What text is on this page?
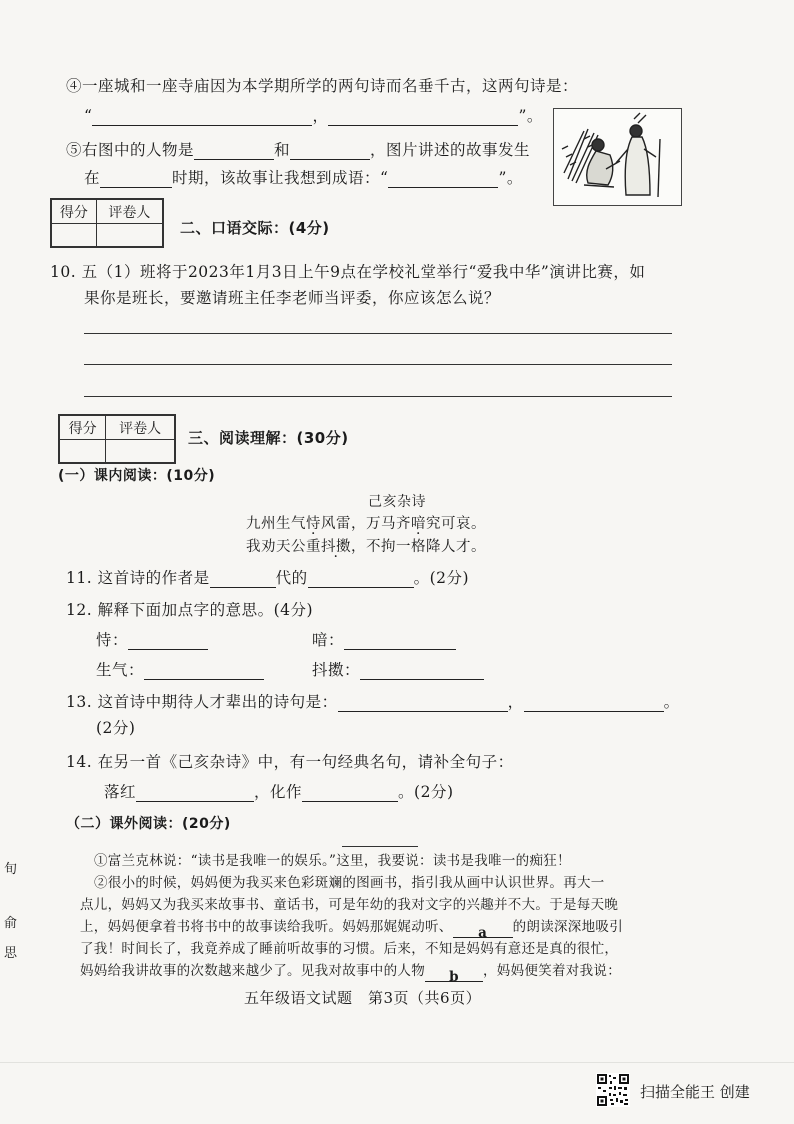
④一座城和一座寺庙因为本学期所学的两句诗而名垂千古，这两句诗是：
“	，	”。
⑤右图中的人物是	和	，图片讲述的故事发生
在	时期，该故事让我想到成语：“	”。
得分	评卷人

二、口语交际：(4分)
10. 五（1）班将于2023年1月3日上午9点在学校礼堂举行“爱我中华”演讲比赛，如
果你是班长，要邀请班主任李老师当评委，你应该怎么说？
得分	评卷人

三、阅读理解：(30分)
(一）课内阅读：(10分)
己亥杂诗
九州生气恃风雷，万马齐喑究可哀。
我劝天公重抖擞，不拘一格降人才。
11. 这首诗的作者是	代的	。(2分)
12. 解释下面加点字的意思。(4分)
恃：	喑：
生气：	抖擞：
13. 这首诗中期待人才辈出的诗句是：	，	。
(2分)
14. 在另一首《己亥杂诗》中，有一句经典名句，请补全句子：
落红	，化作	。(2分)
（二）课外阅读：(20分)
①富兰克林说：“读书是我唯一的娱乐。”这里，我要说：读书是我唯一的痴狂！
②很小的时候，妈妈便为我买来色彩斑斓的图画书，指引我从画中认识世界。再大一
点儿，妈妈又为我买来故事书、童话书，可是年幼的我对文字的兴趣并不大。于是每天晚
上，妈妈便拿着书将书中的故事读给我听。妈妈那娓娓动听、 a 的朗读深深地吸引
了我！时间长了，我竟养成了睡前听故事的习惯。后来，不知是妈妈有意还是真的很忙，
妈妈给我讲故事的次数越来越少了。见我对故事中的人物 b ，妈妈便笑着对我说：
旬
俞
思
五年级语文试题　第3页（共6页）
扫描全能王 创建
